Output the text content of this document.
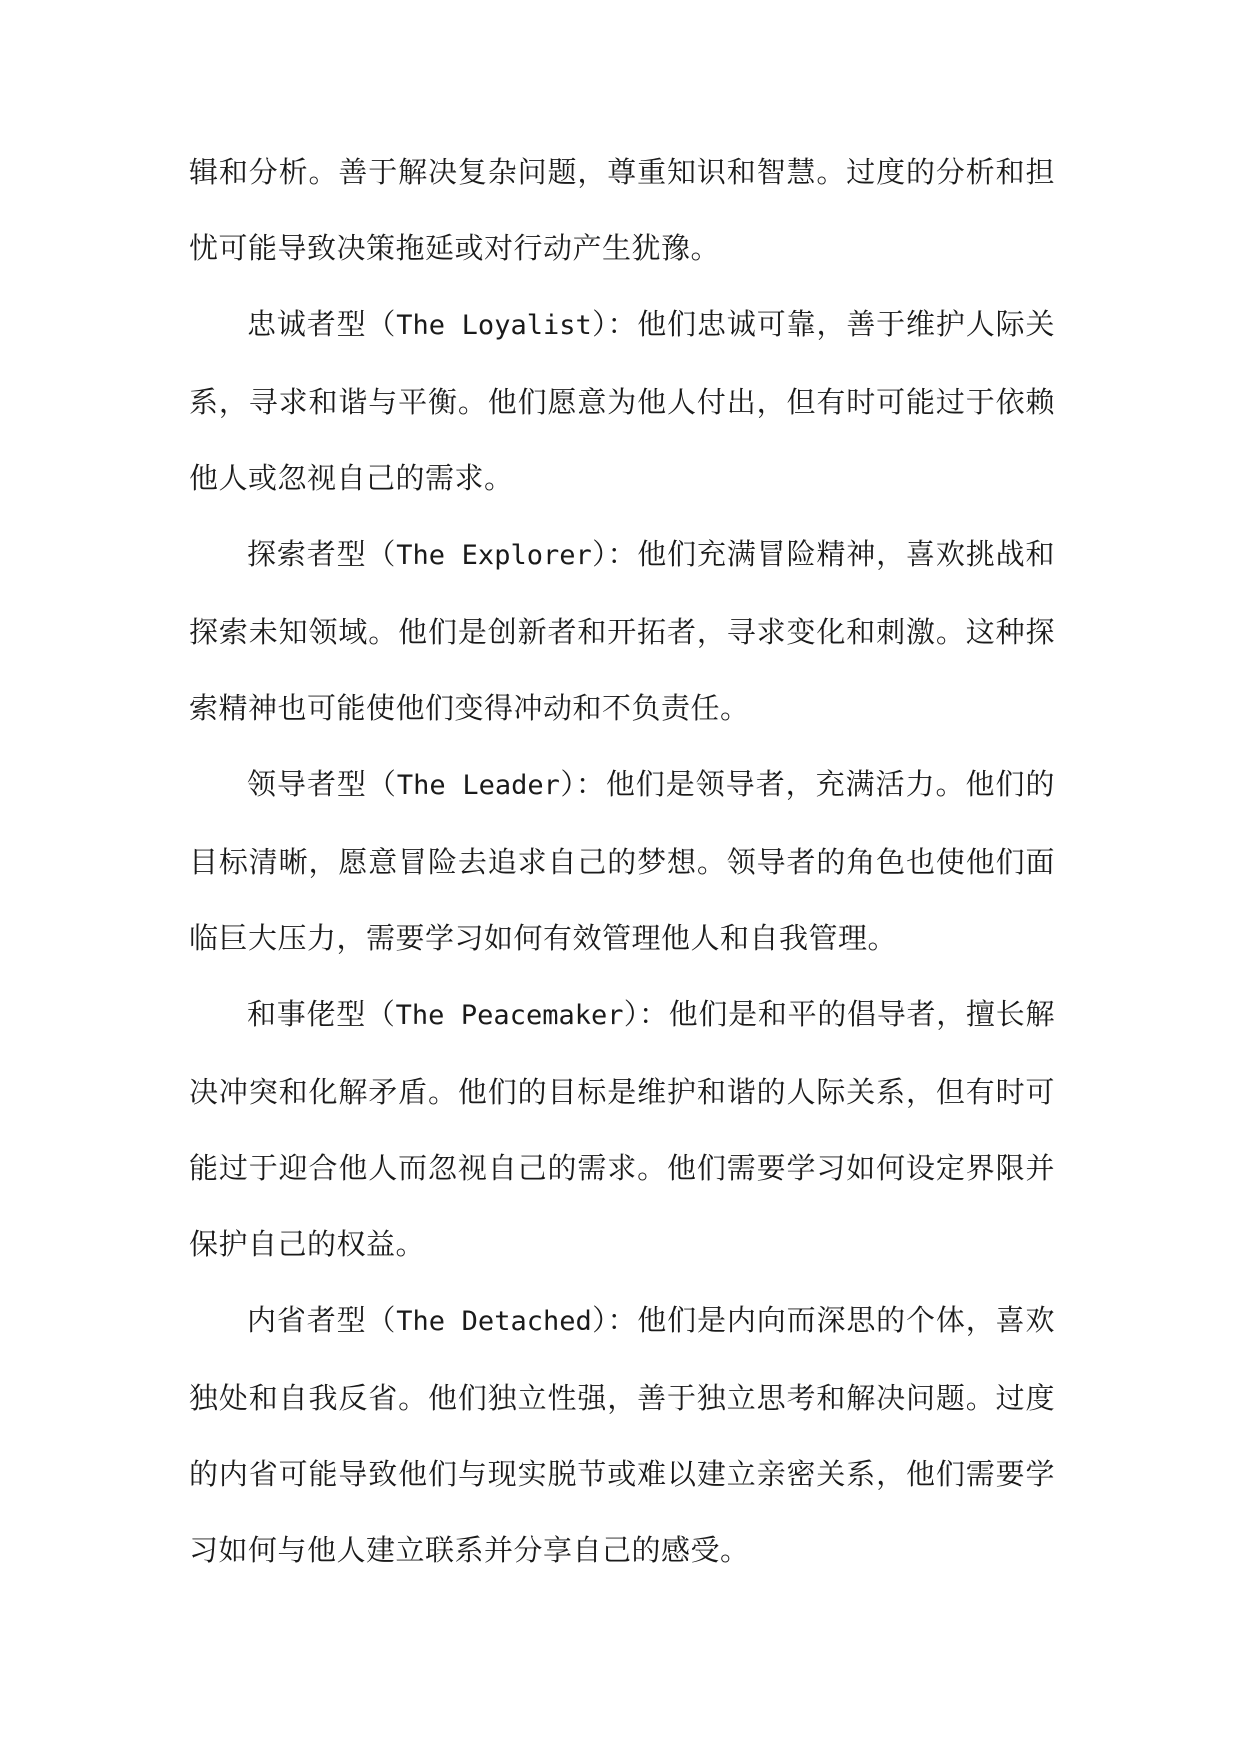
辑和分析。善于解决复杂问题，尊重知识和智慧。过度的分析和担忧可能导致决策拖延或对行动产生犹豫。

忠诚者型（The Loyalist）：他们忠诚可靠，善于维护人际关系，寻求和谐与平衡。他们愿意为他人付出，但有时可能过于依赖他人或忽视自己的需求。

探索者型（The Explorer）：他们充满冒险精神，喜欢挑战和探索未知领域。他们是创新者和开拓者，寻求变化和刺激。这种探索精神也可能使他们变得冲动和不负责任。

领导者型（The Leader）：他们是领导者，充满活力。他们的目标清晰，愿意冒险去追求自己的梦想。领导者的角色也使他们面临巨大压力，需要学习如何有效管理他人和自我管理。

和事佬型（The Peacemaker）：他们是和平的倡导者，擅长解决冲突和化解矛盾。他们的目标是维护和谐的人际关系，但有时可能过于迎合他人而忽视自己的需求。他们需要学习如何设定界限并保护自己的权益。

内省者型（The Detached）：他们是内向而深思的个体，喜欢独处和自我反省。他们独立性强，善于独立思考和解决问题。过度的内省可能导致他们与现实脱节或难以建立亲密关系，他们需要学习如何与他人建立联系并分享自己的感受。
